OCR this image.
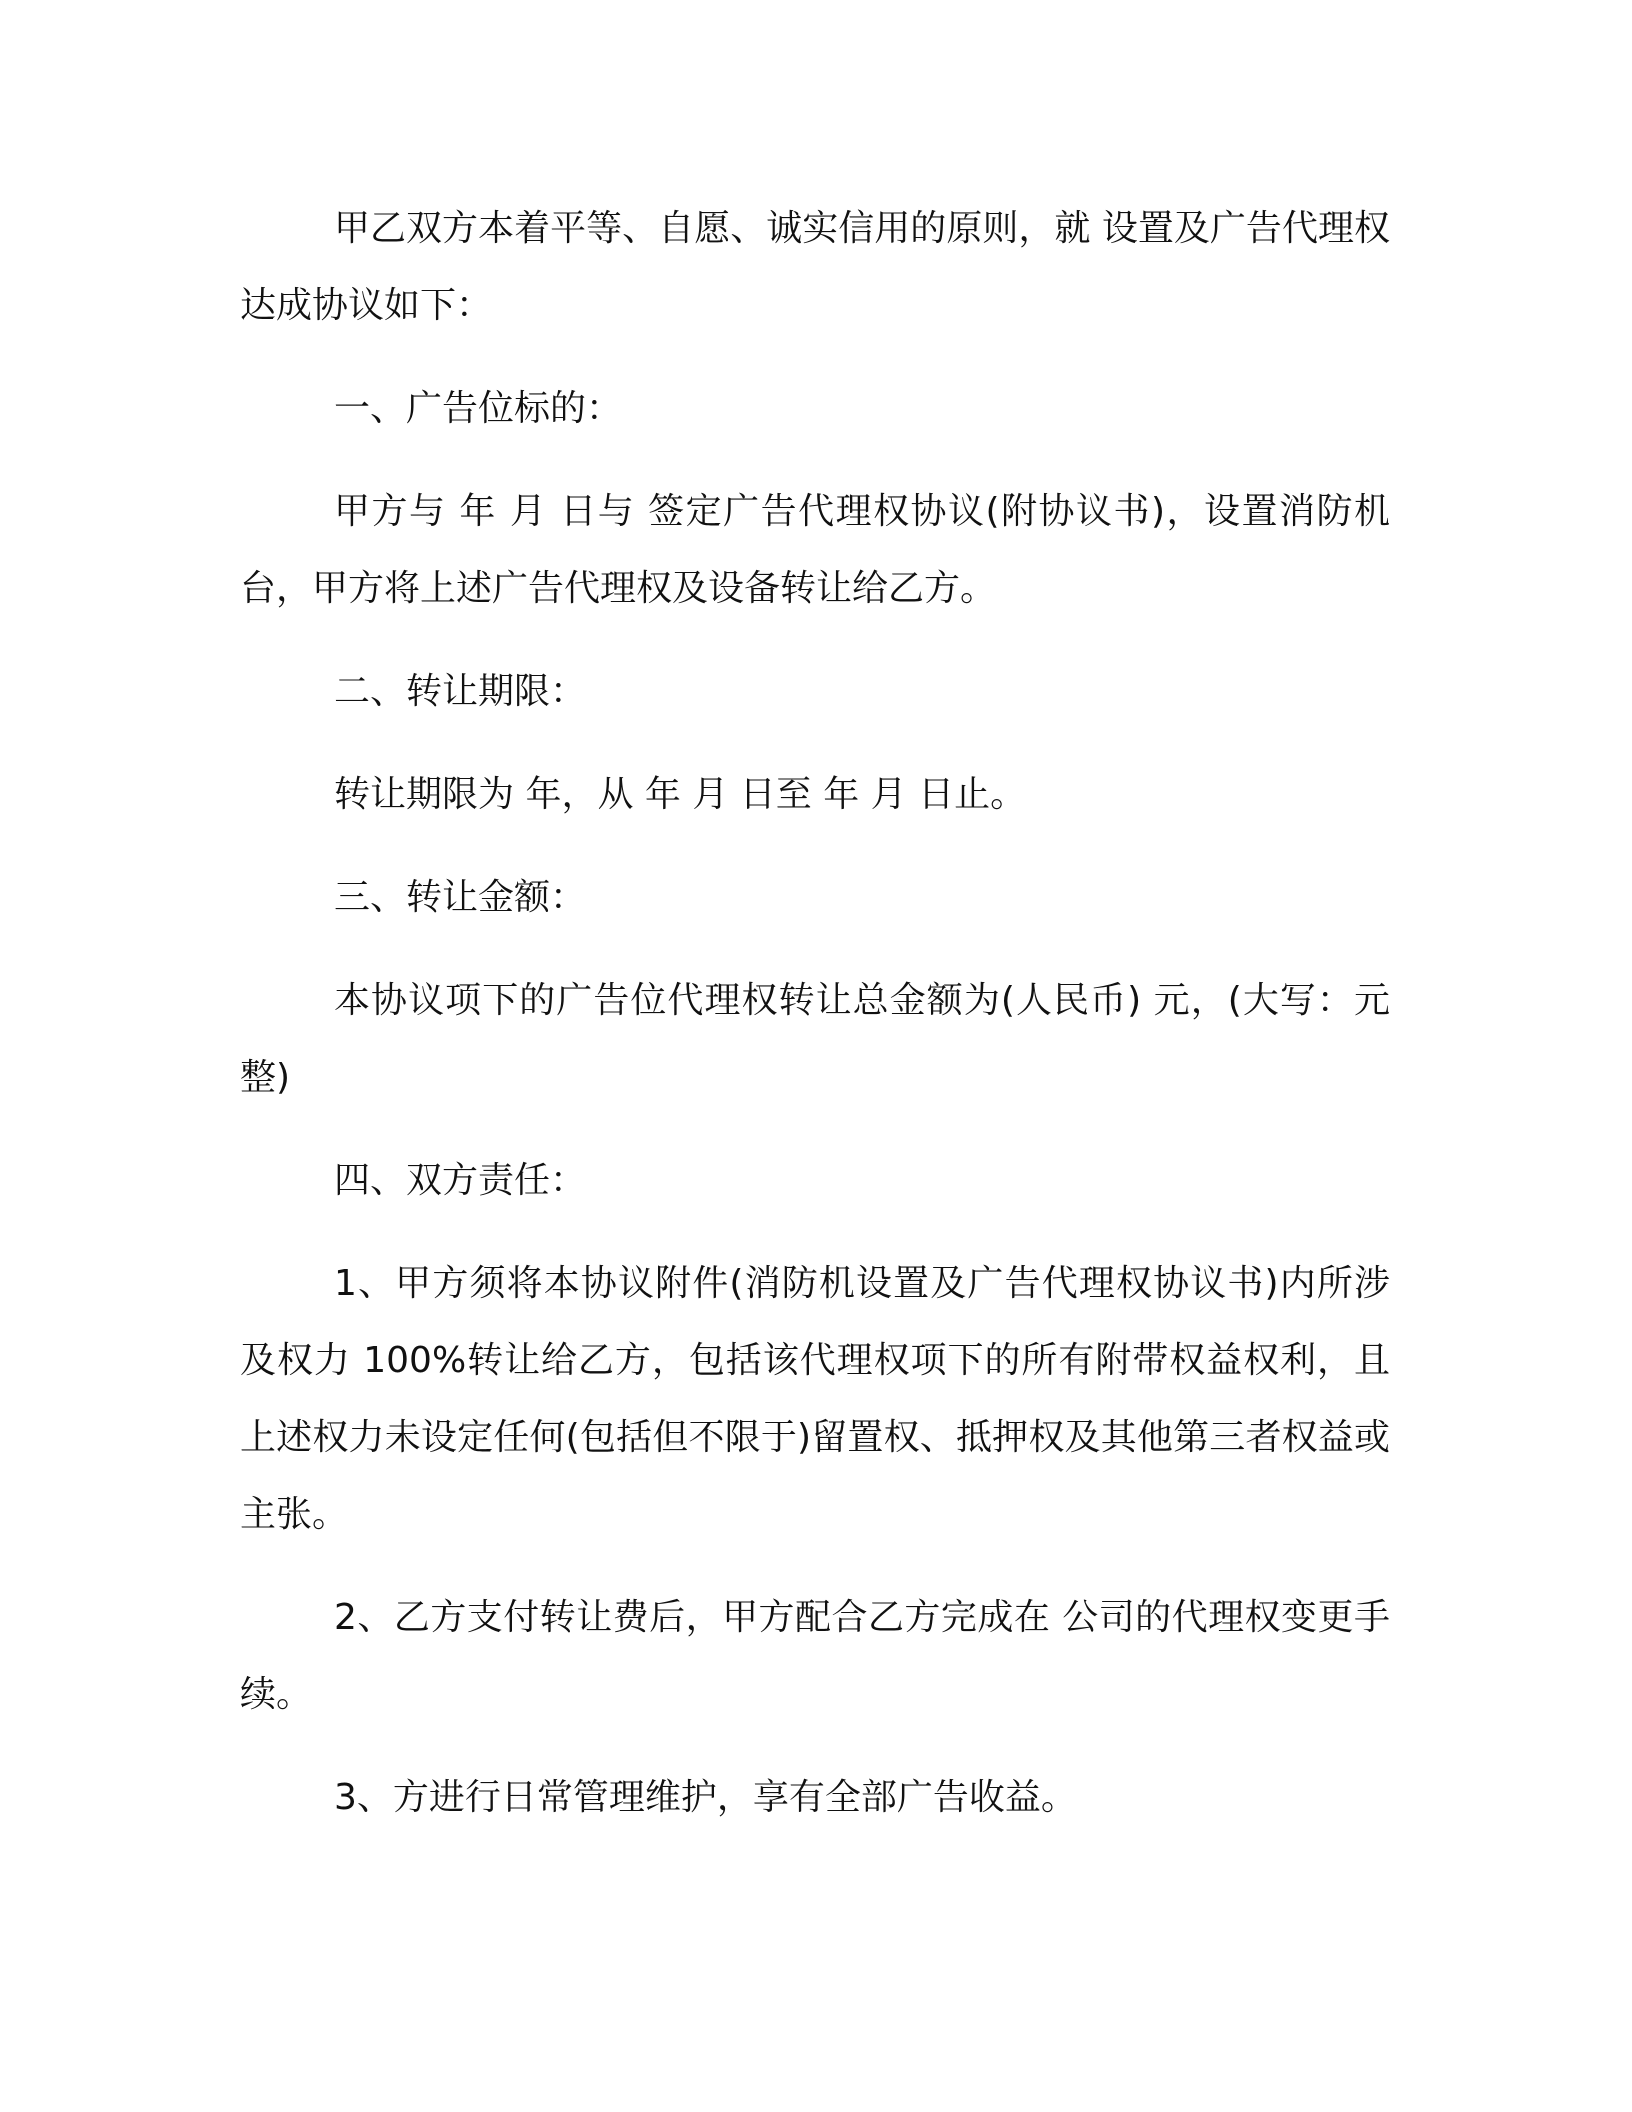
甲乙双方本着平等、自愿、诚实信用的原则，就 设置及广告代理权达成协议如下：

一、广告位标的：

甲方与 年 月 日与 签定广告代理权协议(附协议书)，设置消防机台，甲方将上述广告代理权及设备转让给乙方。

二、转让期限：

转让期限为 年，从 年 月 日至 年 月 日止。

三、转让金额：

本协议项下的广告位代理权转让总金额为(人民币) 元，(大写：元整)

四、双方责任：

1、甲方须将本协议附件(消防机设置及广告代理权协议书)内所涉及权力 100%转让给乙方，包括该代理权项下的所有附带权益权利，且上述权力未设定任何(包括但不限于)留置权、抵押权及其他第三者权益或主张。

2、乙方支付转让费后，甲方配合乙方完成在 公司的代理权变更手续。

3、方进行日常管理维护，享有全部广告收益。
